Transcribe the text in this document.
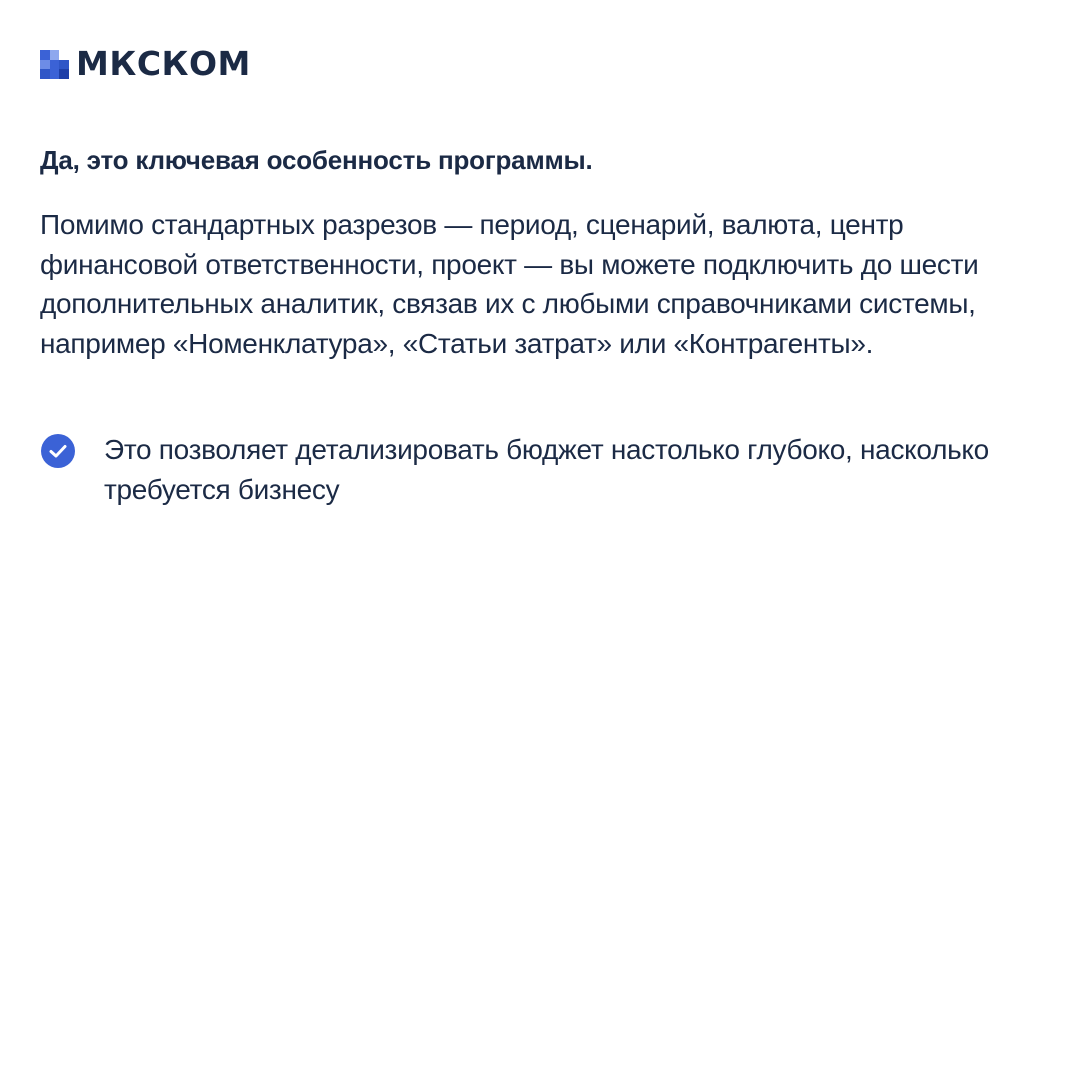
МКСКОМ
Да, это ключевая особенность программы.

Помимо стандартных разрезов — период, сценарий, валюта, центр финансовой ответственности, проект — вы можете подключить до шести дополнительных аналитик, связав их с любыми справочниками системы, например «Номенклатура», «Статьи затрат» или «Контрагенты».

Это позволяет детализировать бюджет настолько глубоко, насколько требуется бизнесу
